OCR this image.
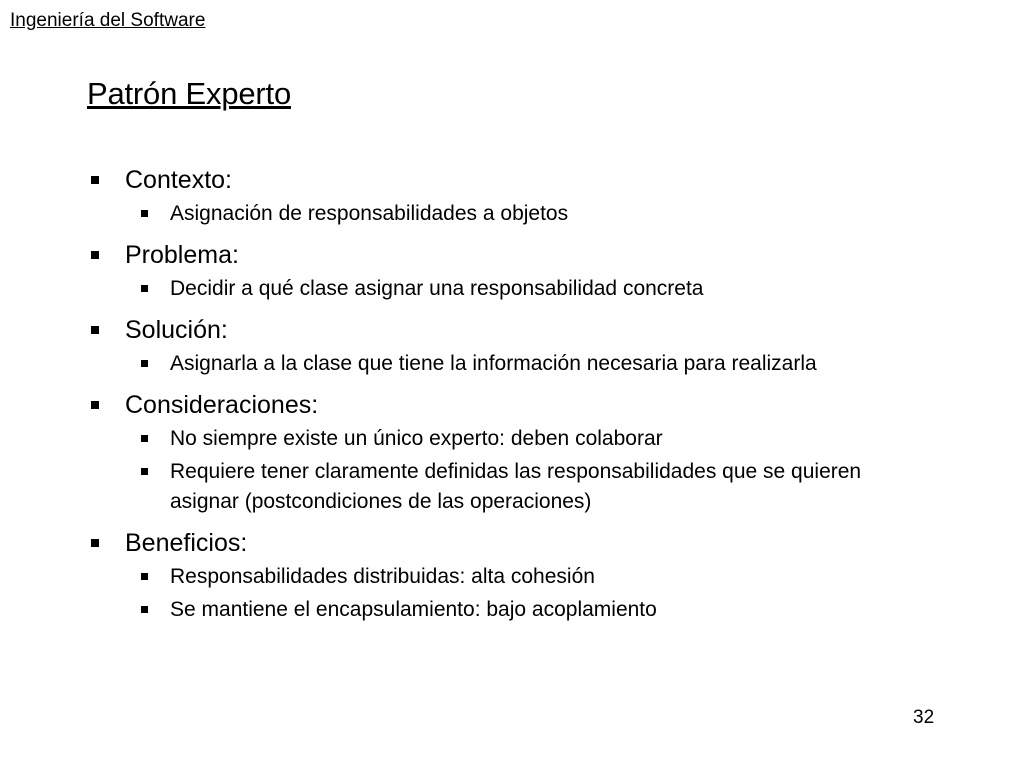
Ingeniería del Software
Patrón Experto
Contexto:
Asignación de responsabilidades a objetos
Problema:
Decidir a qué clase asignar una responsabilidad concreta
Solución:
Asignarla a la clase que tiene la información necesaria para realizarla
Consideraciones:
No siempre existe un único experto: deben colaborar
Requiere tener claramente definidas las responsabilidades que se quieren asignar (postcondiciones de las operaciones)
Beneficios:
Responsabilidades distribuidas: alta cohesión
Se mantiene el encapsulamiento: bajo acoplamiento
32
